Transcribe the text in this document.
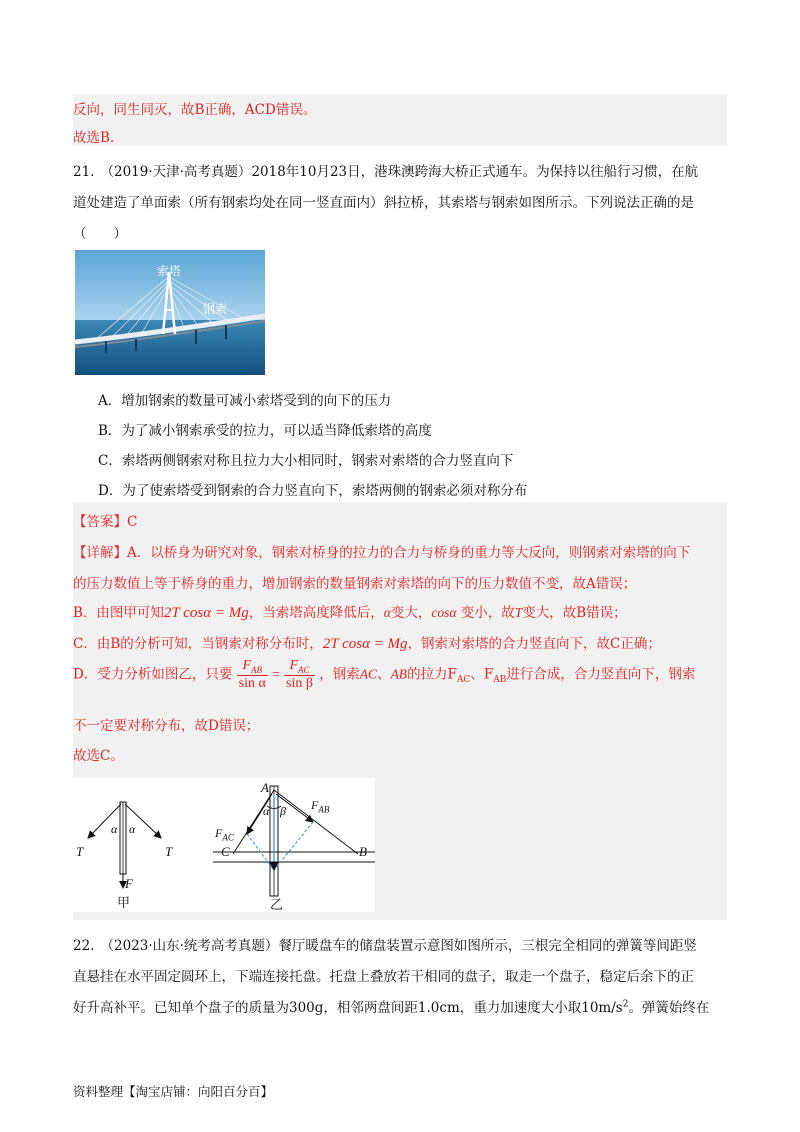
反向，同生同灭，故B正确，ACD错误。
故选B.
21. （2019·天津·高考真题）2018年10月23日，港珠澳跨海大桥正式通车。为保持以往船行习惯，在航
道处建造了单面索（所有钢索均处在同一竖直面内）斜拉桥，其索塔与钢索如图所示。下列说法正确的是
（　　）
索塔
钢索
A．增加钢索的数量可减小索塔受到的向下的压力
B．为了减小钢索承受的拉力，可以适当降低索塔的高度
C．索塔两侧钢索对称且拉力大小相同时，钢索对索塔的合力竖直向下
D．为了使索塔受到钢索的合力竖直向下，索塔两侧的钢索必须对称分布
【答案】C
【详解】A．以桥身为研究对象，钢索对桥身的拉力的合力与桥身的重力等大反向，则钢索对索塔的向下
的压力数值上等于桥身的重力，增加钢索的数量钢索对索塔的向下的压力数值不变，故A错误；
B．由图甲可知2T cosα = Mg，当索塔高度降低后，α变大，cosα 变小，故T变大，故B错误；
C．由B的分析可知，当钢索对称分布时，2T cosα = Mg，钢索对索塔的合力竖直向下，故C正确；
D．受力分析如图乙，只要 $\frac{F_{AB}}{\text{sin α}} = \frac{F_{AC}}{\text{sin β}}$ ，钢索AC、AB的拉力$F_{AC}$、$F_{AB}$进行合成，合力竖直向下，钢索
不一定要对称分布，故D错误；
故选C。
α α
T	T
F
甲
A
α β $F_{AB}$
$F_{AC}$
C	B
乙
22. （2023·山东·统考高考真题）餐厅暖盘车的储盘装置示意图如图所示，三根完全相同的弹簧等间距竖
直悬挂在水平固定圆环上，下端连接托盘。托盘上叠放若干相同的盘子，取走一个盘子，稳定后余下的正
好升高补平。已知单个盘子的质量为300g，相邻两盘间距1.0cm，重力加速度大小取$10m/s^2$。弹簧始终在
资料整理【淘宝店铺：向阳百分百】
